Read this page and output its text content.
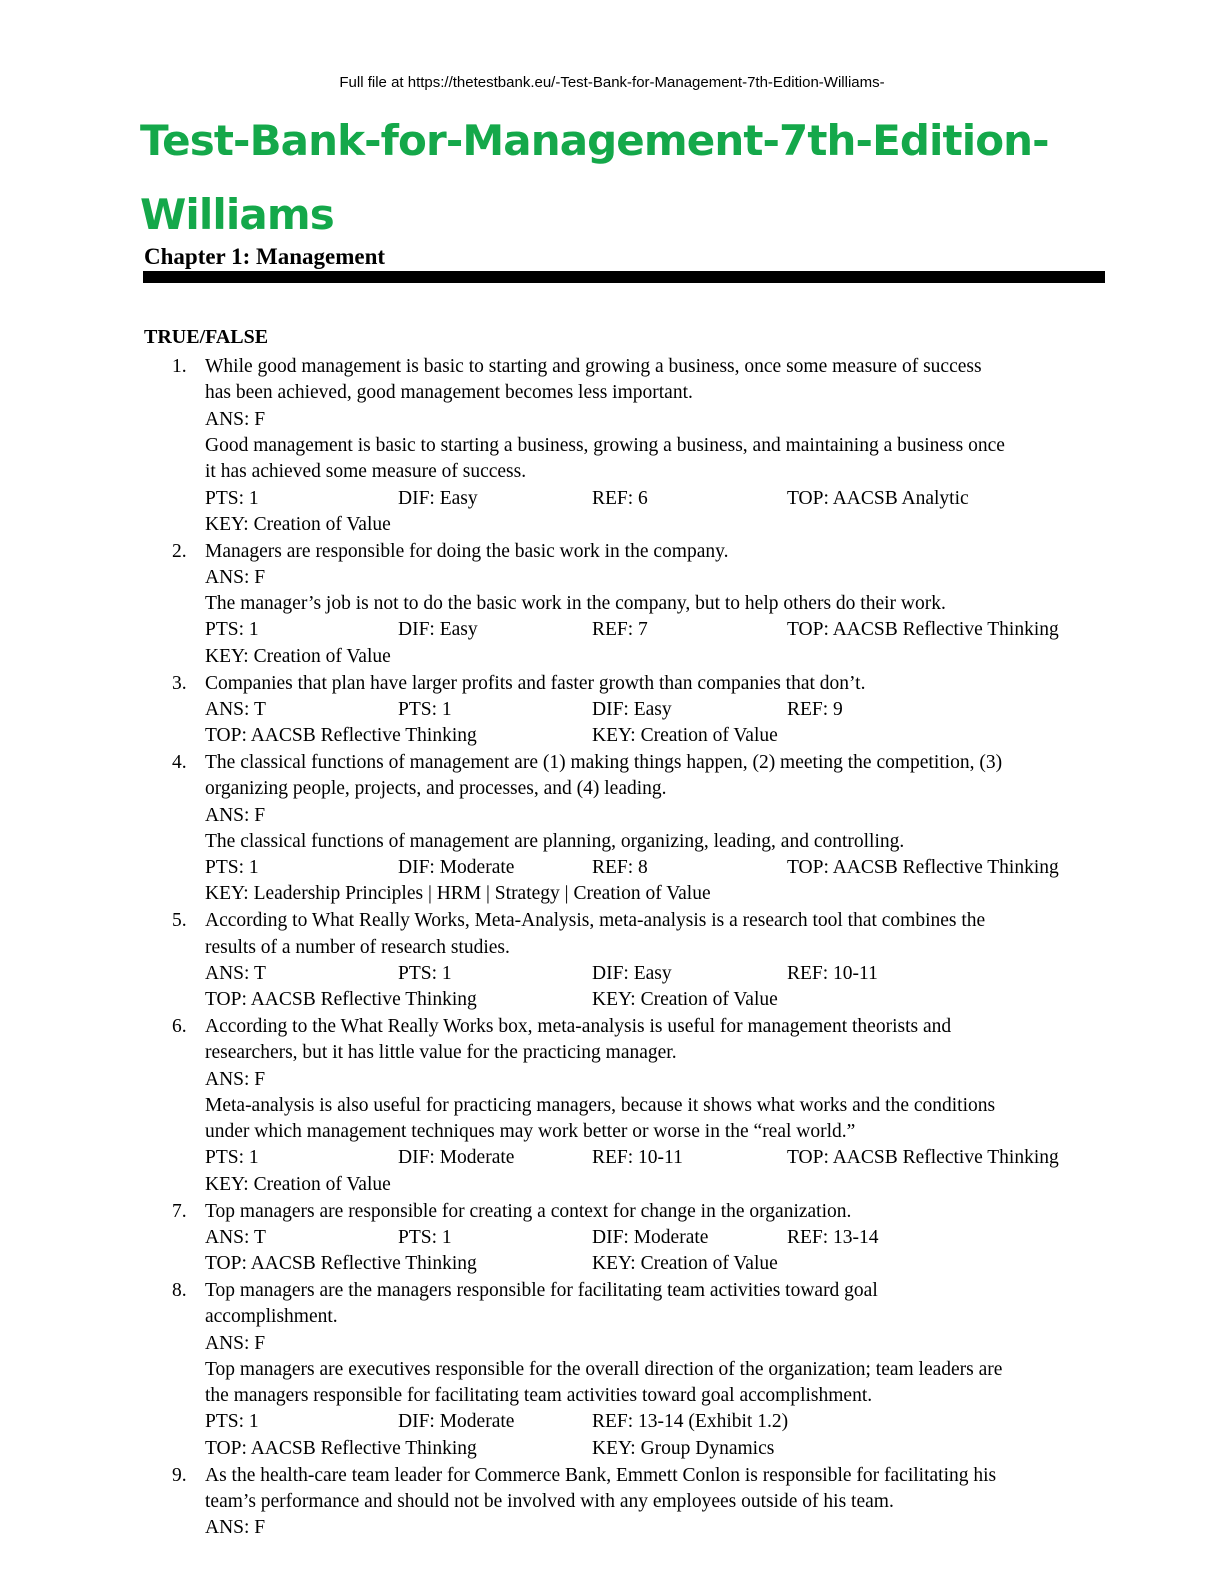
Full file at https://thetestbank.eu/-Test-Bank-for-Management-7th-Edition-Williams-
Test-Bank-for-Management-7th-Edition-Williams
Chapter 1: Management
TRUE/FALSE
1. While good management is basic to starting and growing a business, once some measure of success
has been achieved, good management becomes less important.
ANS: F
Good management is basic to starting a business, growing a business, and maintaining a business once
it has achieved some measure of success.
PTS: 1	DIF: Easy	REF: 6	TOP: AACSB Analytic
KEY: Creation of Value
2. Managers are responsible for doing the basic work in the company.
ANS: F
The manager’s job is not to do the basic work in the company, but to help others do their work.
PTS: 1	DIF: Easy	REF: 7	TOP: AACSB Reflective Thinking
KEY: Creation of Value
3. Companies that plan have larger profits and faster growth than companies that don’t.
ANS: T	PTS: 1	DIF: Easy	REF: 9
TOP: AACSB Reflective Thinking	KEY: Creation of Value
4. The classical functions of management are (1) making things happen, (2) meeting the competition, (3)
organizing people, projects, and processes, and (4) leading.
ANS: F
The classical functions of management are planning, organizing, leading, and controlling.
PTS: 1	DIF: Moderate	REF: 8	TOP: AACSB Reflective Thinking
KEY: Leadership Principles | HRM | Strategy | Creation of Value
5. According to What Really Works, Meta-Analysis, meta-analysis is a research tool that combines the
results of a number of research studies.
ANS: T	PTS: 1	DIF: Easy	REF: 10-11
TOP: AACSB Reflective Thinking	KEY: Creation of Value
6. According to the What Really Works box, meta-analysis is useful for management theorists and
researchers, but it has little value for the practicing manager.
ANS: F
Meta-analysis is also useful for practicing managers, because it shows what works and the conditions
under which management techniques may work better or worse in the “real world.”
PTS: 1	DIF: Moderate	REF: 10-11	TOP: AACSB Reflective Thinking
KEY: Creation of Value
7. Top managers are responsible for creating a context for change in the organization.
ANS: T	PTS: 1	DIF: Moderate	REF: 13-14
TOP: AACSB Reflective Thinking	KEY: Creation of Value
8. Top managers are the managers responsible for facilitating team activities toward goal
accomplishment.
ANS: F
Top managers are executives responsible for the overall direction of the organization; team leaders are
the managers responsible for facilitating team activities toward goal accomplishment.
PTS: 1	DIF: Moderate	REF: 13-14 (Exhibit 1.2)
TOP: AACSB Reflective Thinking	KEY: Group Dynamics
9. As the health-care team leader for Commerce Bank, Emmett Conlon is responsible for facilitating his
team’s performance and should not be involved with any employees outside of his team.
ANS: F
